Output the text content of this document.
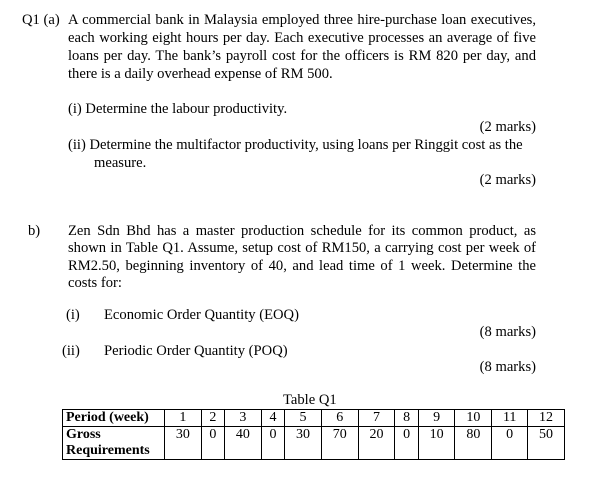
Q1 (a) A commercial bank in Malaysia employed three hire-purchase loan executives,
each working eight hours per day. Each executive processes an average of five
loans per day. The bank’s payroll cost for the officers is RM 820 per day, and
there is a daily overhead expense of RM 500.
(i) Determine the labour productivity.
(2 marks)
(ii) Determine the multifactor productivity, using loans per Ringgit cost as the
measure.
(2 marks)
b) Zen Sdn Bhd has a master production schedule for its common product, as
shown in Table Q1. Assume, setup cost of RM150, a carrying cost per week of
RM2.50, beginning inventory of 40, and lead time of 1 week. Determine the
costs for:
(i) Economic Order Quantity (EOQ)
(8 marks)
(ii) Periodic Order Quantity (POQ)
(8 marks)
Table Q1
Period (week)	1	2	3	4	5	6	7	8	9	10	11	12
Gross
Requirements	30	0	40	0	30	70	20	0	10	80	0	50
